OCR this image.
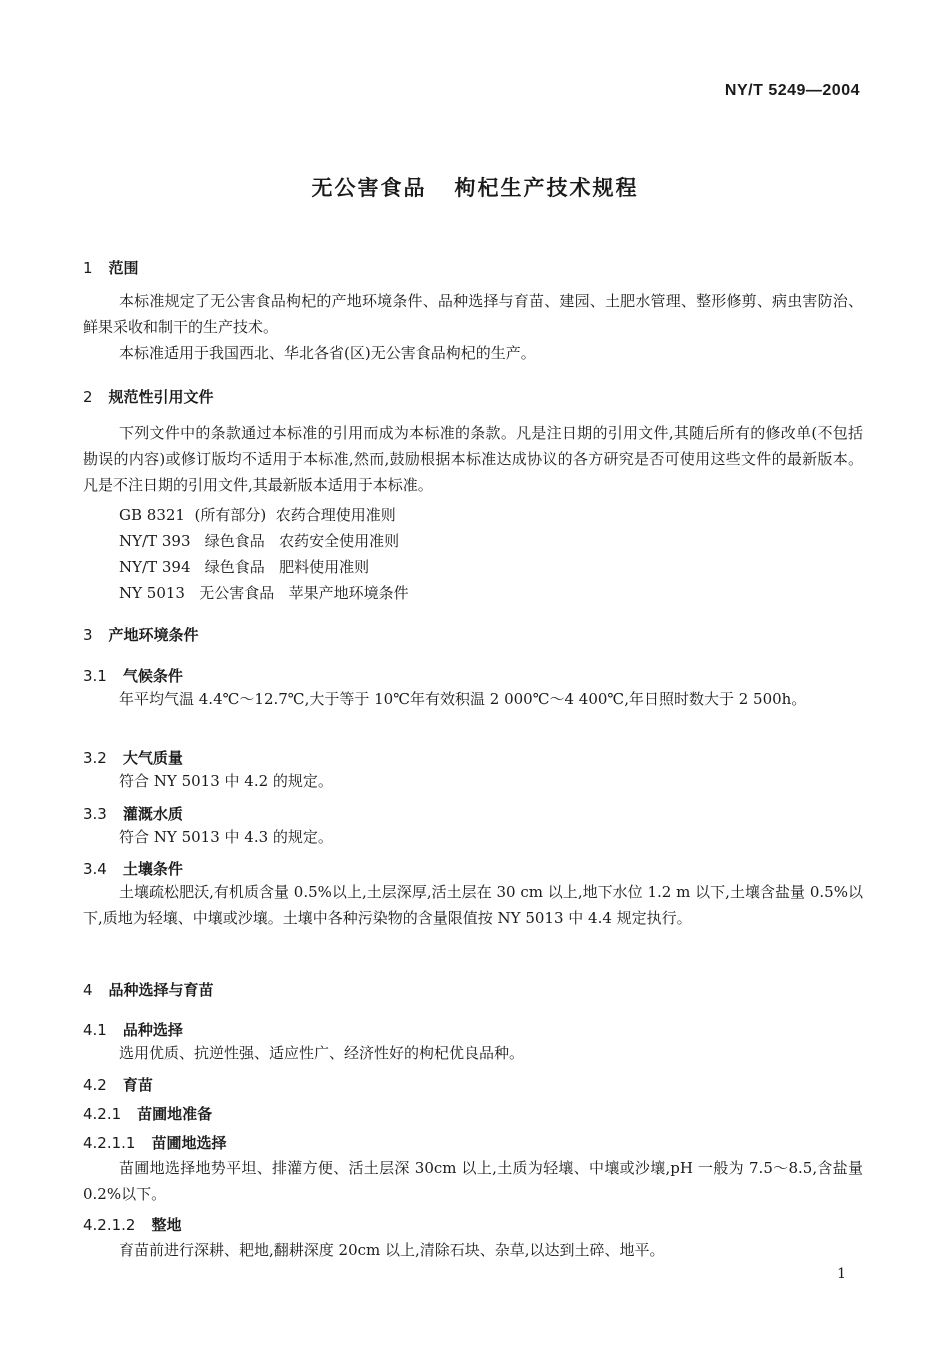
NY/T 5249—2004
无公害食品 枸杞生产技术规程
1 范围
本标准规定了无公害食品枸杞的产地环境条件、品种选择与育苗、建园、土肥水管理、整形修剪、病虫害防治、鲜果采收和制干的生产技术。
本标准适用于我国西北、华北各省(区)无公害食品枸杞的生产。
2 规范性引用文件
下列文件中的条款通过本标准的引用而成为本标准的条款。凡是注日期的引用文件,其随后所有的修改单(不包括勘误的内容)或修订版均不适用于本标准,然而,鼓励根据本标准达成协议的各方研究是否可使用这些文件的最新版本。凡是不注日期的引用文件,其最新版本适用于本标准。
GB 8321  (所有部分)  农药合理使用准则
NY/T 393   绿色食品   农药安全使用准则
NY/T 394   绿色食品   肥料使用准则
NY 5013   无公害食品   苹果产地环境条件
3 产地环境条件
3.1 气候条件
年平均气温 4.4℃～12.7℃,大于等于 10℃年有效积温 2 000℃～4 400℃,年日照时数大于 2 500h。
3.2 大气质量
符合 NY 5013 中 4.2 的规定。
3.3 灌溉水质
符合 NY 5013 中 4.3 的规定。
3.4 土壤条件
土壤疏松肥沃,有机质含量 0.5%以上,土层深厚,活土层在 30 cm 以上,地下水位 1.2 m 以下,土壤含盐量 0.5%以下,质地为轻壤、中壤或沙壤。土壤中各种污染物的含量限值按 NY 5013 中 4.4 规定执行。
4 品种选择与育苗
4.1 品种选择
选用优质、抗逆性强、适应性广、经济性好的枸杞优良品种。
4.2 育苗
4.2.1 苗圃地准备
4.2.1.1 苗圃地选择
苗圃地选择地势平坦、排灌方便、活土层深 30cm 以上,土质为轻壤、中壤或沙壤,pH 一般为 7.5～8.5,含盐量 0.2%以下。
4.2.1.2 整地
育苗前进行深耕、耙地,翻耕深度 20cm 以上,清除石块、杂草,以达到土碎、地平。
1
